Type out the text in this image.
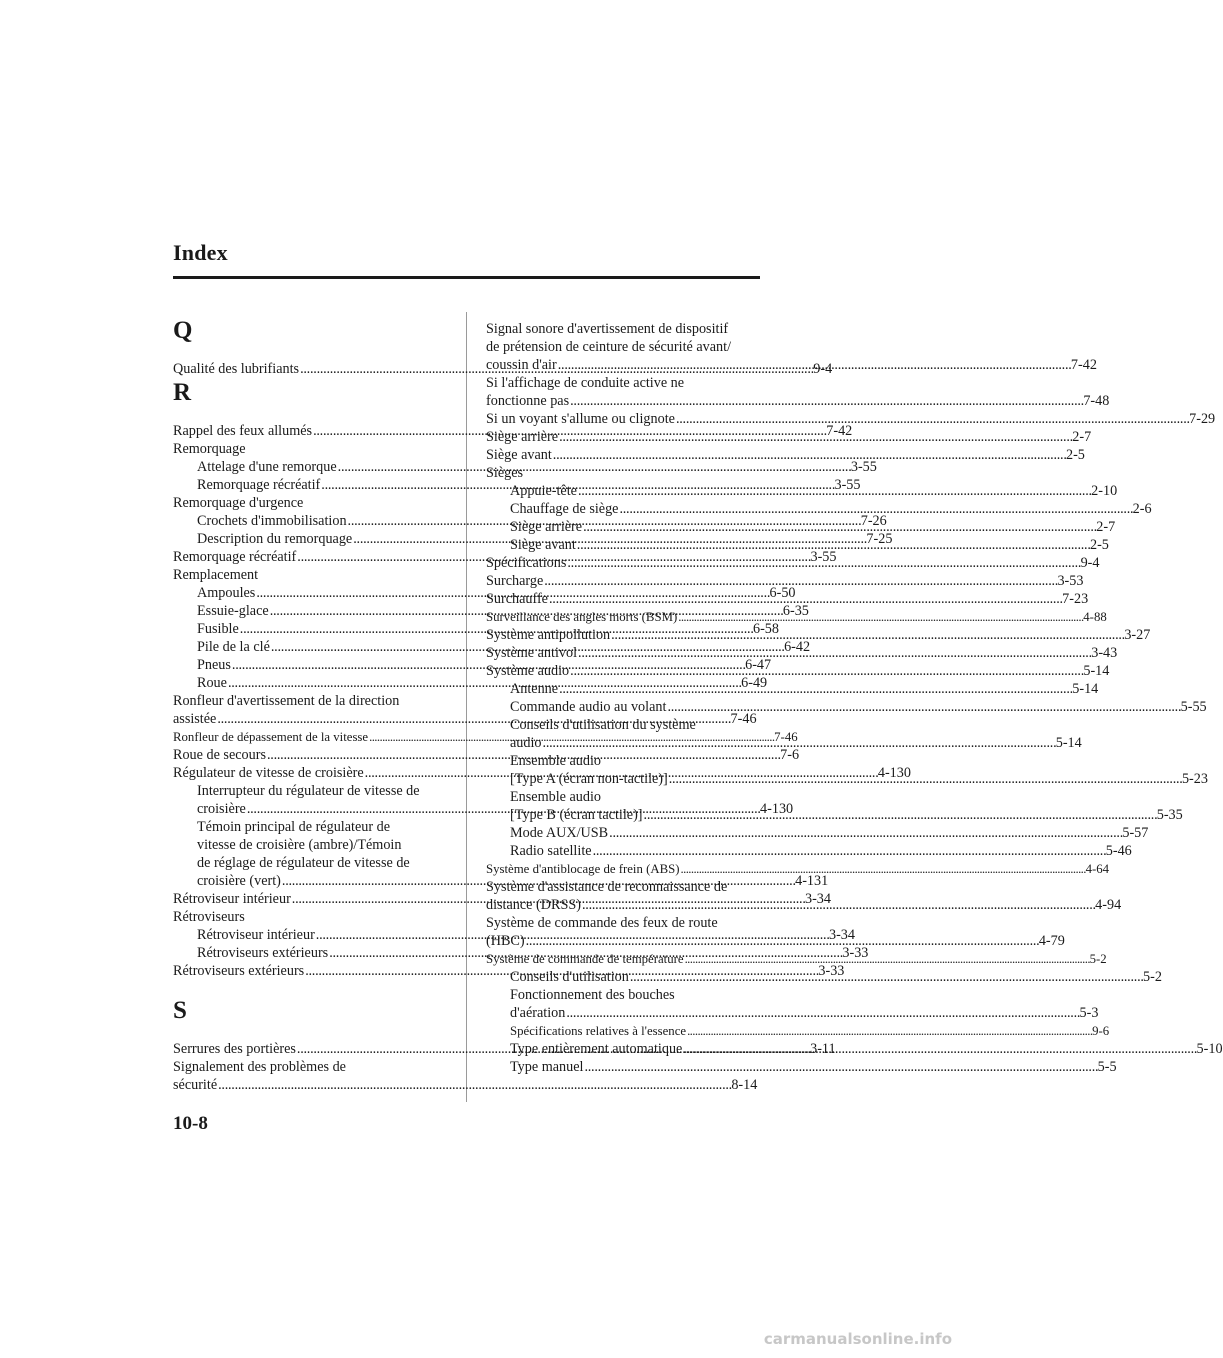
Index
Q
Qualité des lubrifiants . . .	9-4
R
Rappel des feux allumés . . .	7-42
Remorquage
Attelage d'une remorque . . .	3-55
Remorquage récréatif . . .	3-55
Remorquage d'urgence
Crochets d'immobilisation . . .	7-26
Description du remorquage . . .	7-25
Remorquage récréatif . . .	3-55
Remplacement
Ampoules . . .	6-50
Essuie-glace . . .	6-35
Fusible . . .	6-58
Pile de la clé . . .	6-42
Pneus . . .	6-47
Roue . . .	6-49
Ronfleur d'avertissement de la direction
assistée . . .	7-46
Ronfleur de dépassement de la vitesse . . .	7-46
Roue de secours . . .	7-6
Régulateur de vitesse de croisière . . .	4-130
Interrupteur du régulateur de vitesse de
croisière . . .	4-130
Témoin principal de régulateur de
vitesse de croisière (ambre)/Témoin
de réglage de régulateur de vitesse de
croisière (vert) . . .	4-131
Rétroviseur intérieur . . .	3-34
Rétroviseurs
Rétroviseur intérieur . . .	3-34
Rétroviseurs extérieurs . . .	3-33
Rétroviseurs extérieurs . . .	3-33
S
Serrures des portières . . .	3-11
Signalement des problèmes de
sécurité . . .	8-14
Signal sonore d'avertissement de dispositif
de prétension de ceinture de sécurité avant/
coussin d'air . . .	7-42
Si l'affichage de conduite active ne
fonctionne pas . . .	7-48
Si un voyant s'allume ou clignote . . .	7-29
Siège arrière . . .	2-7
Siège avant . . .	2-5
Sièges
Appuie-tête . . .	2-10
Chauffage de siège . . .	2-6
Siège arrière . . .	2-7
Siège avant . . .	2-5
Spécifications . . .	9-4
Surcharge . . .	3-53
Surchauffe . . .	7-23
Surveillance des angles morts (BSM) . . .	4-88
Système antipollution . . .	3-27
Système antivol . . .	3-43
Système audio . . .	5-14
Antenne . . .	5-14
Commande audio au volant . . .	5-55
Conseils d'utilisation du système
audio . . .	5-14
Ensemble audio
[Type A (écran non-tactile)] . . .	5-23
Ensemble audio
[Type B (écran tactile)] . . .	5-35
Mode AUX/USB . . .	5-57
Radio satellite . . .	5-46
Système d'antiblocage de frein (ABS) . . .	4-64
Système d'assistance de reconnaissance de
distance (DRSS) . . .	4-94
Système de commande des feux de route
(HBC) . . .	4-79
Système de commande de température . . .	5-2
Conseils d'utilisation . . .	5-2
Fonctionnement des bouches
d'aération . . .	5-3
Spécifications relatives à l'essence . . .	9-6
Type entièrement automatique . . .	5-10
Type manuel . . .	5-5
10-8
carmanualsonline.info
